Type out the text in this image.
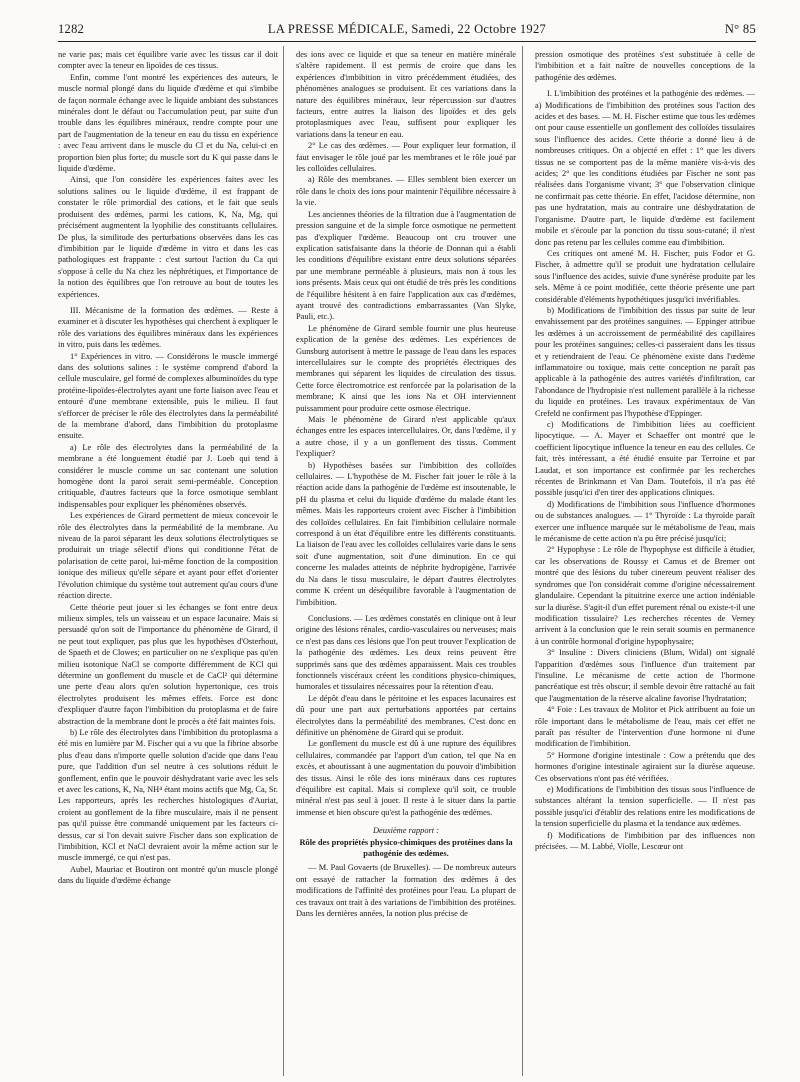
1282	LA PRESSE MÉDICALE, Samedi, 22 Octobre 1927	N° 85

ne varie pas; mais cet équilibre varie avec les tissus car il doit compter avec la teneur en lipoïdes de ces tissus.

Enfin, comme l'ont montré les expériences des auteurs, le muscle normal plongé dans du liquide d'œdème et qui s'imbibe de façon normale échange avec le liquide ambiant des substances minérales dont le défaut ou l'accumulation peut, par suite d'un trouble dans les équilibres minéraux, rendre compte pour une part de l'augmentation de la teneur en eau du tissu en expérience : avec l'eau arrivent dans le muscle du Cl et du Na, celui-ci en proportion bien plus forte; du muscle sort du K qui passe dans le liquide d'œdème.

Ainsi, que l'on considère les expériences faites avec les solutions salines ou le liquide d'œdème, il est frappant de constater le rôle primordial des cations, et le fait que seuls produisent des œdèmes, parmi les cations, K, Na, Mg, qui précisément augmentent la lyophilie des constituants cellulaires. De plus, la similitude des perturbations observées dans les cas d'imbibition par le liquide d'œdème in vitro et dans les cas pathologiques est frappante : c'est surtout l'action du Ca qui s'oppose à celle du Na chez les néphrétiques, et l'importance de la notion des équilibres que l'on retrouve au bout de toutes les expériences.

III. Mécanisme de la formation des œdèmes. — Reste à examiner et à discuter les hypothèses qui cherchent à expliquer le rôle des variations des équilibres minéraux dans les expériences in vitro, puis dans les œdèmes.

1° Expériences in vitro. — Considérons le muscle immergé dans des solutions salines : le système comprend d'abord la cellule musculaire, gel formé de complexes albuminoïdes du type protéine-lipoïdes-électrolytes ayant une forte liaison avec l'eau et entouré d'une membrane extensible, puis le milieu. Il faut s'efforcer de préciser le rôle des électrolytes dans la perméabilité de la membrane d'abord, dans l'imbibition du protoplasme ensuite.

a) Le rôle des électrolytes dans la perméabilité de la membrane a été longuement étudié par J. Loeb qui tend à considérer le muscle comme un sac contenant une solution homogène dont la paroi serait semi-perméable. Conception critiquable, d'autres facteurs que la force osmotique semblant indispensables pour expliquer les phénomènes observés.

Les expériences de Girard permettent de mieux concevoir le rôle des électrolytes dans la perméabilité de la membrane. Au niveau de la paroi séparant les deux solutions électrolytiques se produirait un triage sélectif d'ions qui conditionne l'état de polarisation de cette paroi, lui-même fonction de la composition ionique des milieux qu'elle sépare et ayant pour effet d'orienter l'évolution chimique du système tout autrement qu'au cours d'une réaction directe.

Cette théorie peut jouer si les échanges se font entre deux milieux simples, tels un vaisseau et un espace lacunaire. Mais si persuadé qu'on soit de l'importance du phénomène de Girard, il ne peut tout expliquer, pas plus que les hypothèses d'Osterhout, de Spaeth et de Clowes; en particulier on ne s'explique pas qu'en milieu isotonique NaCl se comporte différemment de KCl qui détermine un gonflement du muscle et de CaCl² qui détermine une perte d'eau alors qu'en solution hypertonique, ces trois électrolytes produisent les mêmes effets. Force est donc d'expliquer d'autre façon l'imbibition du protoplasma et de faire abstraction de la membrane dont le procès a été fait maintes fois.

b) Le rôle des électrolytes dans l'imbibition du protoplasma a été mis en lumière par M. Fischer qui a vu que la fibrine absorbe plus d'eau dans n'importe quelle solution d'acide que dans l'eau pure, que l'addition d'un sel neutre à ces solutions réduit le gonflement, enfin que le pouvoir déshydratant varie avec les sels et avec les cations, K, Na, NH⁴ étant moins actifs que Mg, Ca, Sr. Les rapporteurs, après les recherches histologiques d'Auriat, croient au gonflement de la fibre musculaire, mais il ne pensent pas qu'il puisse être commandé uniquement par les facteurs ci-dessus, car si l'on devait suivre Fischer dans son explication de l'imbibition, KCl et NaCl devraient avoir la même action sur le muscle immergé, ce qui n'est pas.

Aubel, Mauriac et Boutiron ont montré qu'un muscle plongé dans du liquide d'œdème échange

des ions avec ce liquide et que sa teneur en matière minérale s'altère rapidement. Il est permis de croire que dans les expériences d'imbibition in vitro précédemment étudiées, des phénomènes analogues se produisent. Et ces variations dans la nature des équilibres minéraux, leur répercussion sur d'autres facteurs, entre autres la liaison des lipoïdes et des gels protoplasmiques avec l'eau, suffisent pour expliquer les variations dans la teneur en eau.

2° Le cas des œdèmes. — Pour expliquer leur formation, il faut envisager le rôle joué par les membranes et le rôle joué par les colloïdes cellulaires.

a) Rôle des membranes. — Elles semblent bien exercer un rôle dans le choix des ions pour maintenir l'équilibre nécessaire à la vie.

Les anciennes théories de la filtration due à l'augmentation de pression sanguine et de la simple force osmotique ne permettent pas d'expliquer l'œdème. Beaucoup ont cru trouver une explication satisfaisante dans la théorie de Donnan qui a établi les conditions d'équilibre existant entre deux solutions séparées par une membrane perméable à plusieurs, mais non à tous les ions présents. Mais ceux qui ont étudié de très près les conditions de l'équilibre hésitent à en faire l'application aux cas d'œdèmes, ayant trouvé des contradictions embarrassantes (Van Slyke, Pauli, etc.).

Le phénomène de Girard semble fournir une plus heureuse explication de la genèse des œdèmes. Les expériences de Gunsburg autorisent à mettre le passage de l'eau dans les espaces intercellulaires sur le compte des propriétés électriques des membranes qui séparent les liquides de circulation des tissus. Cette force électromotrice est renforcée par la polarisation de la membrane; K ainsi que les ions Na et OH interviennent puissamment pour produire cette osmose électrique.

Mais le phénomène de Girard n'est applicable qu'aux échanges entre les espaces intercellulaires. Or, dans l'œdème, il y a autre chose, il y a un gonflement des tissus. Comment l'expliquer?

b) Hypothèses basées sur l'imbibition des colloïdes cellulaires. — L'hypothèse de M. Fischer fait jouer le rôle à la réaction acide dans la pathogénie de l'œdème est insoutenable, le pH du plasma et celui du liquide d'œdème du malade étant les mêmes. Mais les rapporteurs croient avec Fischer à l'imbibition des colloïdes cellulaires. En fait l'imbibition cellulaire normale correspond à un état d'équilibre entre les différents constituants. La liaison de l'eau avec les colloïdes cellulaires varie dans le sens soit d'une augmentation, soit d'une diminution. En ce qui concerne les malades atteints de néphrite hydropigène, l'arrivée du Na dans le tissu musculaire, le départ d'autres électrolytes comme K créent un déséquilibre favorable à l'augmentation de l'imbibition.

Conclusions. — Les œdèmes constatés en clinique ont à leur origine des lésions rénales, cardio-vasculaires ou nerveuses; mais ce n'est pas dans ces lésions que l'on peut trouver l'explication de la pathogénie des œdèmes. Les deux reins peuvent être supprimés sans que des œdèmes apparaissent. Mais ces troubles fonctionnels viscéraux créent les conditions physico-chimiques, humorales et tissulaires nécessaires pour la rétention d'eau.

Le dépôt d'eau dans le péritoine et les espaces lacunaires est dû pour une part aux perturbations apportées par certains électrolytes dans la perméabilité des membranes. C'est donc en définitive un phénomène de Girard qui se produit.

Le gonflement du muscle est dû à une rupture des équilibres cellulaires, commandée par l'apport d'un cation, tel que Na en excès, et aboutissant à une augmentation du pouvoir d'imbibition des tissus. Ainsi le rôle des ions minéraux dans ces ruptures d'équilibre est capital. Mais si complexe qu'il soit, ce trouble minéral n'est pas seul à jouer. Il reste à le situer dans la partie immense et bien obscure qu'est la pathogénie des œdèmes.

Deuxième rapport :

Rôle des propriétés physico-chimiques des protéines dans la pathogénie des œdèmes.

— M. Paul Govaerts (de Bruxelles). — De nombreux auteurs ont essayé de rattacher la formation des œdèmes à des modifications de l'affinité des protéines pour l'eau. La plupart de ces travaux ont trait à des variations de l'imbibition des protéines. Dans les dernières années, la notion plus précise de

pression osmotique des protéines s'est substituée à celle de l'imbibition et a fait naître de nouvelles conceptions de la pathogénie des œdèmes.

I. L'imbibition des protéines et la pathogénie des œdèmes. — a) Modifications de l'imbibition des protéines sous l'action des acides et des bases. — M. H. Fischer estime que tous les œdèmes ont pour cause essentielle un gonflement des colloïdes tissulaires sous l'influence des acides. Cette théorie a donné lieu à de nombreuses critiques. On a objecté en effet : 1° que les divers tissus ne se comportent pas de la même manière vis-à-vis des acides; 2° que les conditions étudiées par Fischer ne sont pas réalisées dans l'organisme vivant; 3° que l'observation clinique ne confirmait pas cette théorie. En effet, l'acidose détermine, non pas une hydratation, mais au contraire une déshydratation de l'organisme. D'autre part, le liquide d'œdème est facilement mobile et s'écoule par la ponction du tissu sous-cutané; il n'est donc pas retenu par les cellules comme eau d'imbibition.

Ces critiques ont amené M. H. Fischer, puis Fodor et G. Fischer, à admettre qu'il se produit une hydratation cellulaire sous l'influence des acides, suivie d'une synérèse produite par les sels. Même à ce point modifiée, cette théorie présente une part considérable d'éléments hypothétiques jusqu'ici invérifiables.

b) Modifications de l'imbibition des tissus par suite de leur envahissement par des protéines sanguines. — Eppinger attribue les œdèmes à un accroissement de perméabilité des capillaires pour les protéines sanguines; celles-ci passeraient dans les tissus et y retiendraient de l'eau. Ce phénomène existe dans l'œdème inflammatoire ou toxique, mais cette conception ne paraît pas applicable à la pathogénie des autres variétés d'infiltration, car l'abondance de l'hydropisie n'est nullement parallèle à la richesse du liquide en protéines. Les travaux expérimentaux de Van Crefeld ne confirment pas l'hypothèse d'Eppinger.

c) Modifications de l'imbibition liées au coefficient lipocytique. — A. Mayer et Schaeffer ont montré que le coefficient lipocytique influence la teneur en eau des cellules. Ce fait, très intéressant, a été étudié ensuite par Terroine et par Laudat, et son importance est confirmée par les recherches récentes de Brinkmann et Van Dam. Toutefois, il n'a pas été possible jusqu'ici d'en tirer des applications cliniques.

d) Modifications de l'imbibition sous l'influence d'hormones ou de substances analogues. — 1° Thyroïde : La thyroïde paraît exercer une influence marquée sur le métabolisme de l'eau, mais le mécanisme de cette action n'a pu être précisé jusqu'ici;

2° Hypophyse : Le rôle de l'hypophyse est difficile à étudier, car les observations de Roussy et Camus et de Bremer ont montré que des lésions du tuber cinereum peuvent réaliser des syndromes que l'on considérait comme d'origine nécessairement glandulaire. Cependant la pituitrine exerce une action indéniable sur la diurèse. S'agit-il d'un effet purement rénal ou existe-t-il une modification tissulaire? Les recherches récentes de Verney arrivent à la conclusion que le rein serait soumis en permanence à un contrôle hormonal d'origine hypophysaire;

3° Insuline : Divers cliniciens (Blum, Widal) ont signalé l'apparition d'œdèmes sous l'influence d'un traitement par l'insuline. Le mécanisme de cette action de l'hormone pancréatique est très obscur; il semble devoir être rattaché au fait que l'augmentation de la réserve alcaline favorise l'hydratation;

4° Foie : Les travaux de Molitor et Pick attribuent au foie un rôle important dans le métabolisme de l'eau, mais cet effet ne paraît pas résulter de l'intervention d'une hormone ni d'une modification de l'imbibition.

5° Hormone d'origine intestinale : Cow a prétendu que des hormones d'origine intestinale agiraient sur la diurèse aqueuse. Ces observations n'ont pas été vérifiées.

e) Modifications de l'imbibition des tissus sous l'influence de substances altérant la tension superficielle. — Il n'est pas possible jusqu'ici d'établir des relations entre les modifications de la tension superficielle du plasma et la tendance aux œdèmes.

f) Modifications de l'imbibition par des influences non précisées. — M. Labbé, Violle, Lescœur ont
